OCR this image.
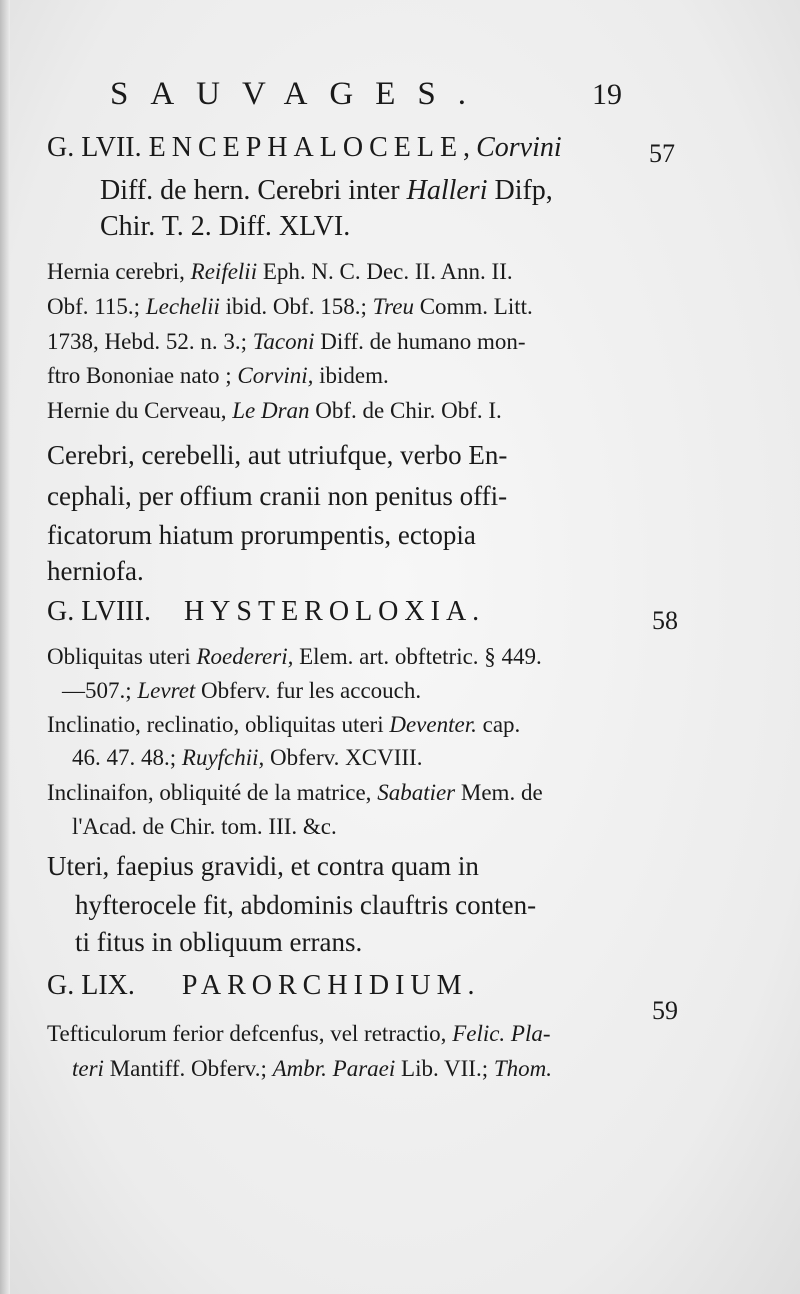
SAUVAGES.	19
G. LVII. ENCEPHALOCELE,Corvini	57
Diff. de hern. Cerebri inter Halleri Difp,
Chir. T. 2. Diff. XLVI.
Hernia cerebri, Reifelii Eph. N. C. Dec. II. Ann. II.
Obf. 115.; Lechelii ibid. Obf. 158.; Treu Comm. Litt.
1738, Hebd. 52. n. 3.; Taconi Diff. de humano mon-
ftro Bononiae nato ; Corvini, ibidem.
Hernie du Cerveau, Le Dran Obf. de Chir. Obf. I.
Cerebri, cerebelli, aut utriufque, verbo En-
cephali, per offium cranii non penitus offi-
ficatorum hiatum prorumpentis, ectopia
herniofa.
G. LVIII. HYSTEROLOXIA.	58
Obliquitas uteri Roedereri, Elem. art. obftetric. § 449.
—507.; Levret Obferv. fur les accouch.
Inclinatio, reclinatio, obliquitas uteri Deventer. cap.
46. 47. 48.; Ruyfchii, Obferv. XCVIII.
Inclinaifon, obliquité de la matrice, Sabatier Mem. de
l'Acad. de Chir. tom. III. &c.
Uteri, faepius gravidi, et contra quam in
hyfterocele fit, abdominis clauftris conten-
ti fitus in obliquum errans.
G. LIX. PARORCHIDIUM.
59
Tefticulorum ferior defcenfus, vel retractio, Felic. Pla-
teri Mantiff. Obferv.; Ambr. Paraei Lib. VII.; Thom.
